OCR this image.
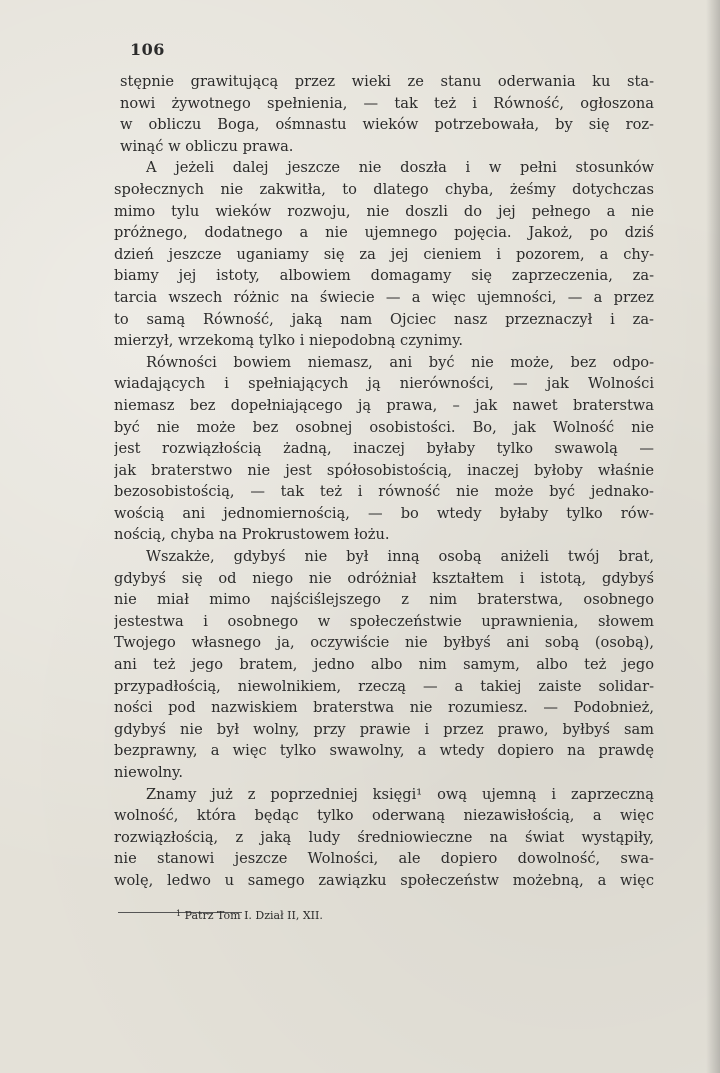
106
stępnie grawitującą przez wieki ze stanu oderwania ku sta-
nowi żywotnego spełnienia, — tak też i Równość, ogłoszona
w obliczu Boga, ośmnastu wieków potrzebowała, by się roz-
winąć w obliczu prawa.
A jeżeli dalej jeszcze nie doszła i w pełni stosunków
społecznych nie zakwitła, to dlatego chyba, żeśmy dotychczas
mimo tylu wieków rozwoju, nie doszli do jej pełnego a nie
próżnego, dodatnego a nie ujemnego pojęcia. Jakoż, po dziś
dzień jeszcze uganiamy się za jej cieniem i pozorem, a chy-
biamy jej istoty, albowiem domagamy się zaprzeczenia, za-
tarcia wszech różnic na świecie — a więc ujemności, — a przez
to samą Równość, jaką nam Ojciec nasz przeznaczył i za-
mierzył, wrzekomą tylko i niepodobną czynimy.
Równości bowiem niemasz, ani być nie może, bez odpo-
wiadających i spełniających ją nierówności, — jak Wolności
niemasz bez dopełniającego ją prawa, – jak nawet braterstwa
być nie może bez osobnej osobistości. Bo, jak Wolność nie
jest rozwiązłością żadną, inaczej byłaby tylko swawolą —
jak braterstwo nie jest spółosobistością, inaczej byłoby właśnie
bezosobistością, — tak też i równość nie może być jednako-
wością ani jednomiernością, — bo wtedy byłaby tylko rów-
nością, chyba na Prokrustowem łożu.
Wszakże, gdybyś nie był inną osobą aniżeli twój brat,
gdybyś się od niego nie odróżniał kształtem i istotą, gdybyś
nie miał mimo najściślejszego z nim braterstwa, osobnego
jestestwa i osobnego w społeczeństwie uprawnienia, słowem
Twojego własnego ja, oczywiście nie byłbyś ani sobą (osobą),
ani też jego bratem, jedno albo nim samym, albo też jego
przypadłością, niewolnikiem, rzeczą — a takiej zaiste solidar-
ności pod nazwiskiem braterstwa nie rozumiesz. — Podobnież,
gdybyś nie był wolny, przy prawie i przez prawo, byłbyś sam
bezprawny, a więc tylko swawolny, a wtedy dopiero na prawdę
niewolny.
Znamy już z poprzedniej księgi¹ ową ujemną i zaprzeczną
wolność, która będąc tylko oderwaną niezawisłością, a więc
rozwiązłością, z jaką ludy średniowieczne na świat wystąpiły,
nie stanowi jeszcze Wolności, ale dopiero dowolność, swa-
wolę, ledwo u samego zawiązku społeczeństw możebną, a więc
$^1$ Patrz Tom I. Dział II, XII.
